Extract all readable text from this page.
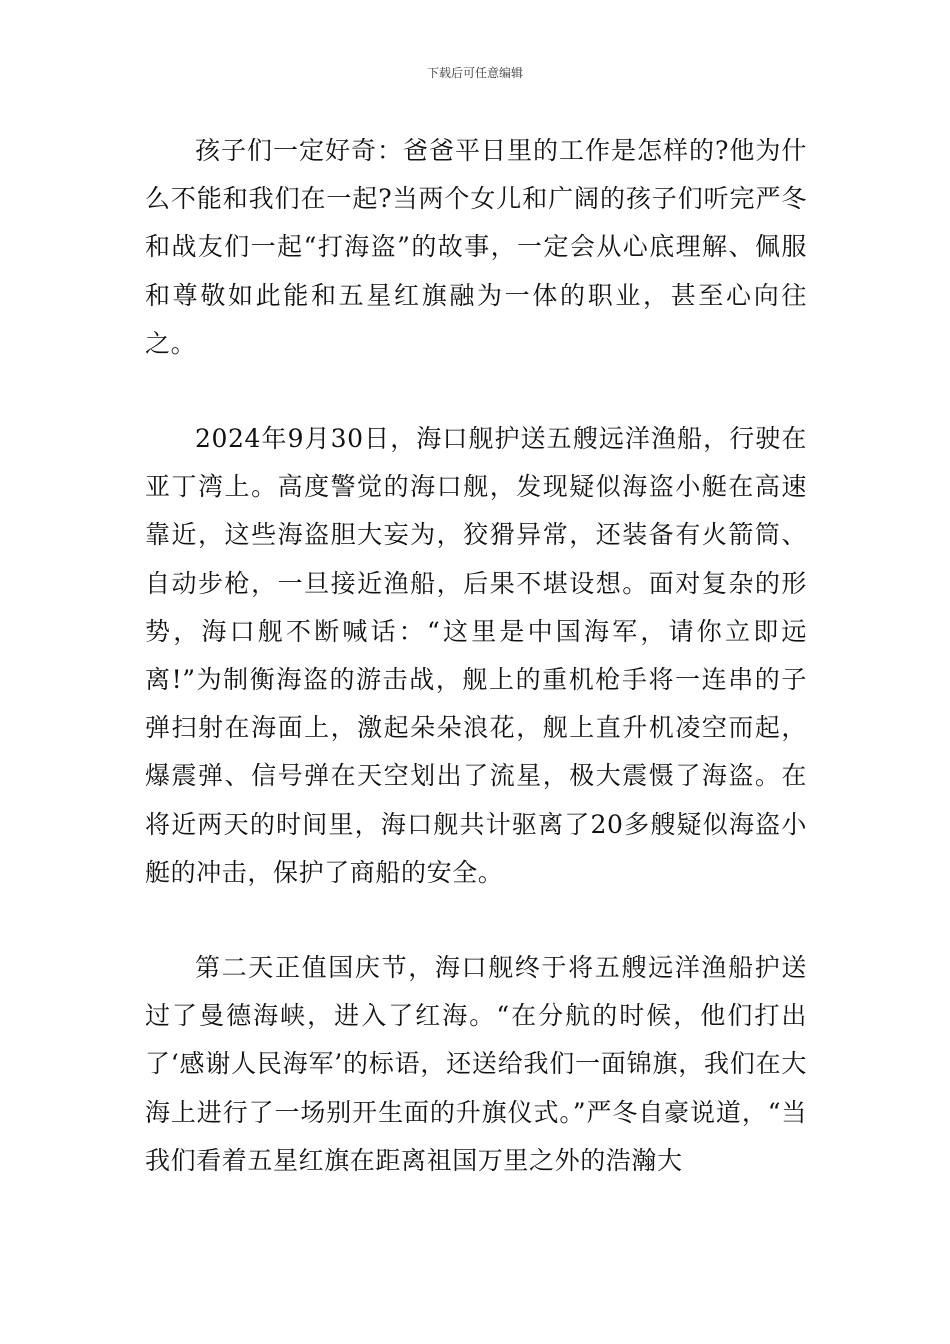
下载后可任意编辑

孩子们一定好奇：爸爸平日里的工作是怎样的?他为什么不能和我们在一起?当两个女儿和广阔的孩子们听完严冬和战友们一起“打海盗”的故事，一定会从心底理解、佩服和尊敬如此能和五星红旗融为一体的职业，甚至心向往之。

2024年9月30日，海口舰护送五艘远洋渔船，行驶在亚丁湾上。高度警觉的海口舰，发现疑似海盗小艇在高速靠近，这些海盗胆大妄为，狡猾异常，还装备有火箭筒、自动步枪，一旦接近渔船，后果不堪设想。面对复杂的形势，海口舰不断喊话：“这里是中国海军，请你立即远离!”为制衡海盗的游击战，舰上的重机枪手将一连串的子弹扫射在海面上，激起朵朵浪花，舰上直升机凌空而起，爆震弹、信号弹在天空划出了流星，极大震慑了海盗。在将近两天的时间里，海口舰共计驱离了20多艘疑似海盗小艇的冲击，保护了商船的安全。

第二天正值国庆节，海口舰终于将五艘远洋渔船护送过了曼德海峡，进入了红海。“在分航的时候，他们打出了‘感谢人民海军’的标语，还送给我们一面锦旗，我们在大海上进行了一场别开生面的升旗仪式。”严冬自豪说道，“当我们看着五星红旗在距离祖国万里之外的浩瀚大
